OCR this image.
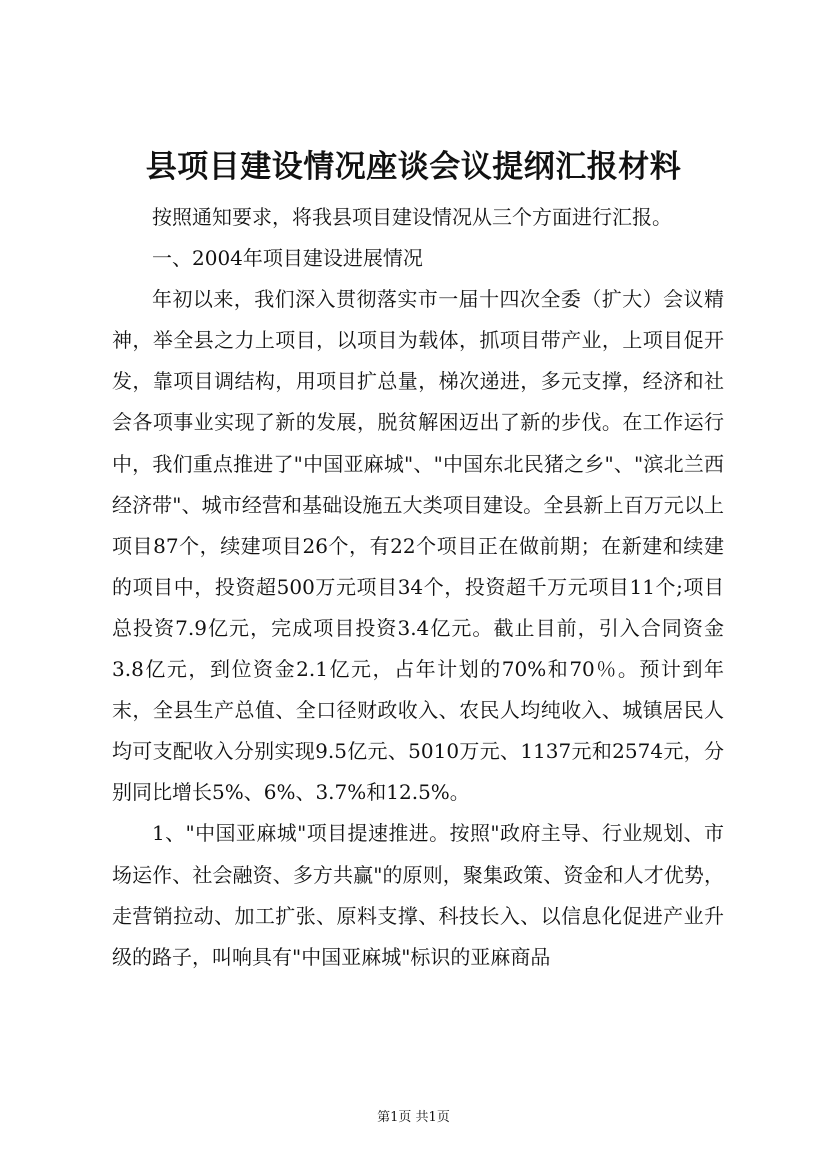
县项目建设情况座谈会议提纲汇报材料

按照通知要求，将我县项目建设情况从三个方面进行汇报。

一、2004年项目建设进展情况

年初以来，我们深入贯彻落实市一届十四次全委（扩大）会议精神，举全县之力上项目，以项目为载体，抓项目带产业，上项目促开发，靠项目调结构，用项目扩总量，梯次递进，多元支撑，经济和社会各项事业实现了新的发展，脱贫解困迈出了新的步伐。在工作运行中，我们重点推进了"中国亚麻城"、"中国东北民猪之乡"、"滨北兰西经济带"、城市经营和基础设施五大类项目建设。全县新上百万元以上项目87个，续建项目26个，有22个项目正在做前期；在新建和续建的项目中，投资超500万元项目34个，投资超千万元项目11个;项目总投资7.9亿元，完成项目投资3.4亿元。截止目前，引入合同资金3.8亿元，到位资金2.1亿元，占年计划的70%和70％。预计到年末，全县生产总值、全口径财政收入、农民人均纯收入、城镇居民人均可支配收入分别实现9.5亿元、5010万元、1137元和2574元，分别同比增长5%、6%、3.7%和12.5%。

1、"中国亚麻城"项目提速推进。按照"政府主导、行业规划、市场运作、社会融资、多方共赢"的原则，聚集政策、资金和人才优势，走营销拉动、加工扩张、原料支撑、科技长入、以信息化促进产业升级的路子，叫响具有"中国亚麻城"标识的亚麻商品

第1页 共1页
